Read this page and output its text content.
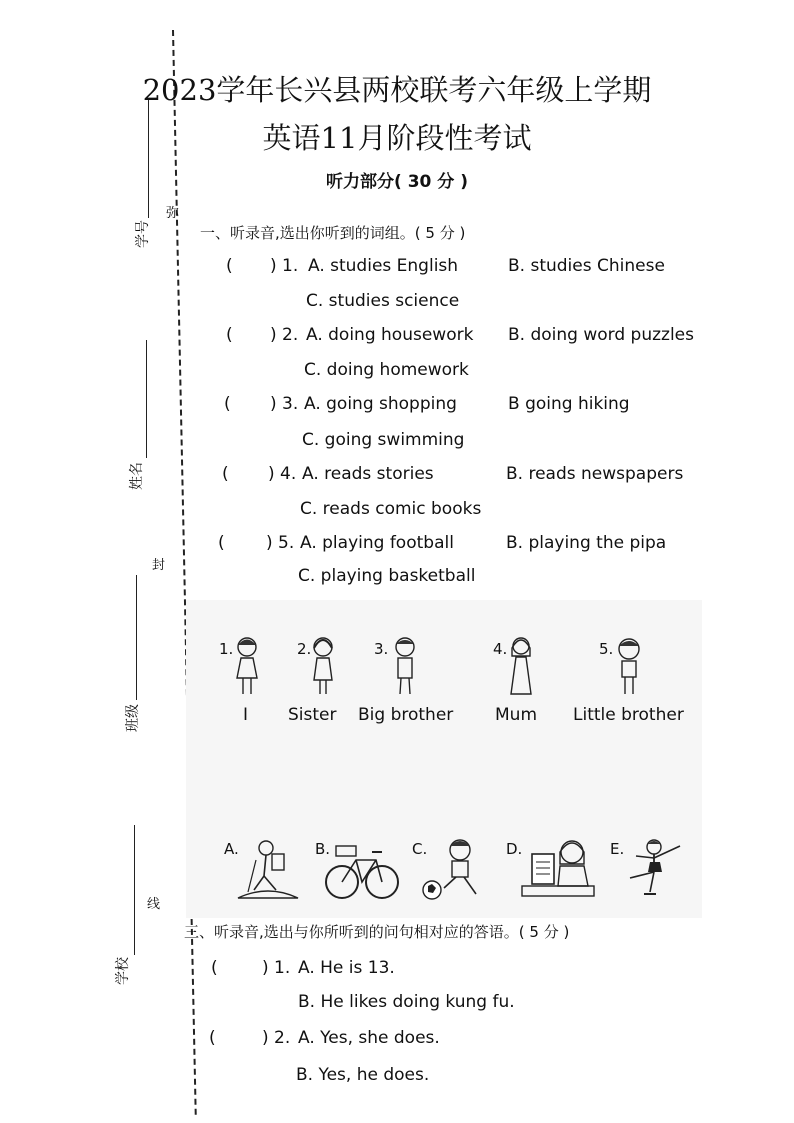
弥
封
线
学号
姓名
班级
学校
2023学年长兴县两校联考六年级上学期
英语11月阶段性考试
听力部分( 30 分 )
一、听录音,选出你听到的词组。( 5 分 )
( ) 1. A. studies English	B. studies Chinese
C. studies science
( ) 2. A. doing housework B. doing word puzzles
C. doing homework
( ) 3. A. going shopping	B going hiking
C. going swimming
( ) 4. A. reads stories	B. reads newspapers
C. reads comic books
( ) 5. A. playing football	B. playing the pipa
C. playing basketball
1.
I
2.
Sister
3.
Big brother
4.
Mum
5.
Little brother
A.	B.	C.	D.	E.
三、听录音,选出与你所听到的问句相对应的答语。( 5 分 )
(	) 1. A. He is 13.
B. He likes doing kung fu.
(	) 2. A. Yes, she does.
B. Yes, he does.
